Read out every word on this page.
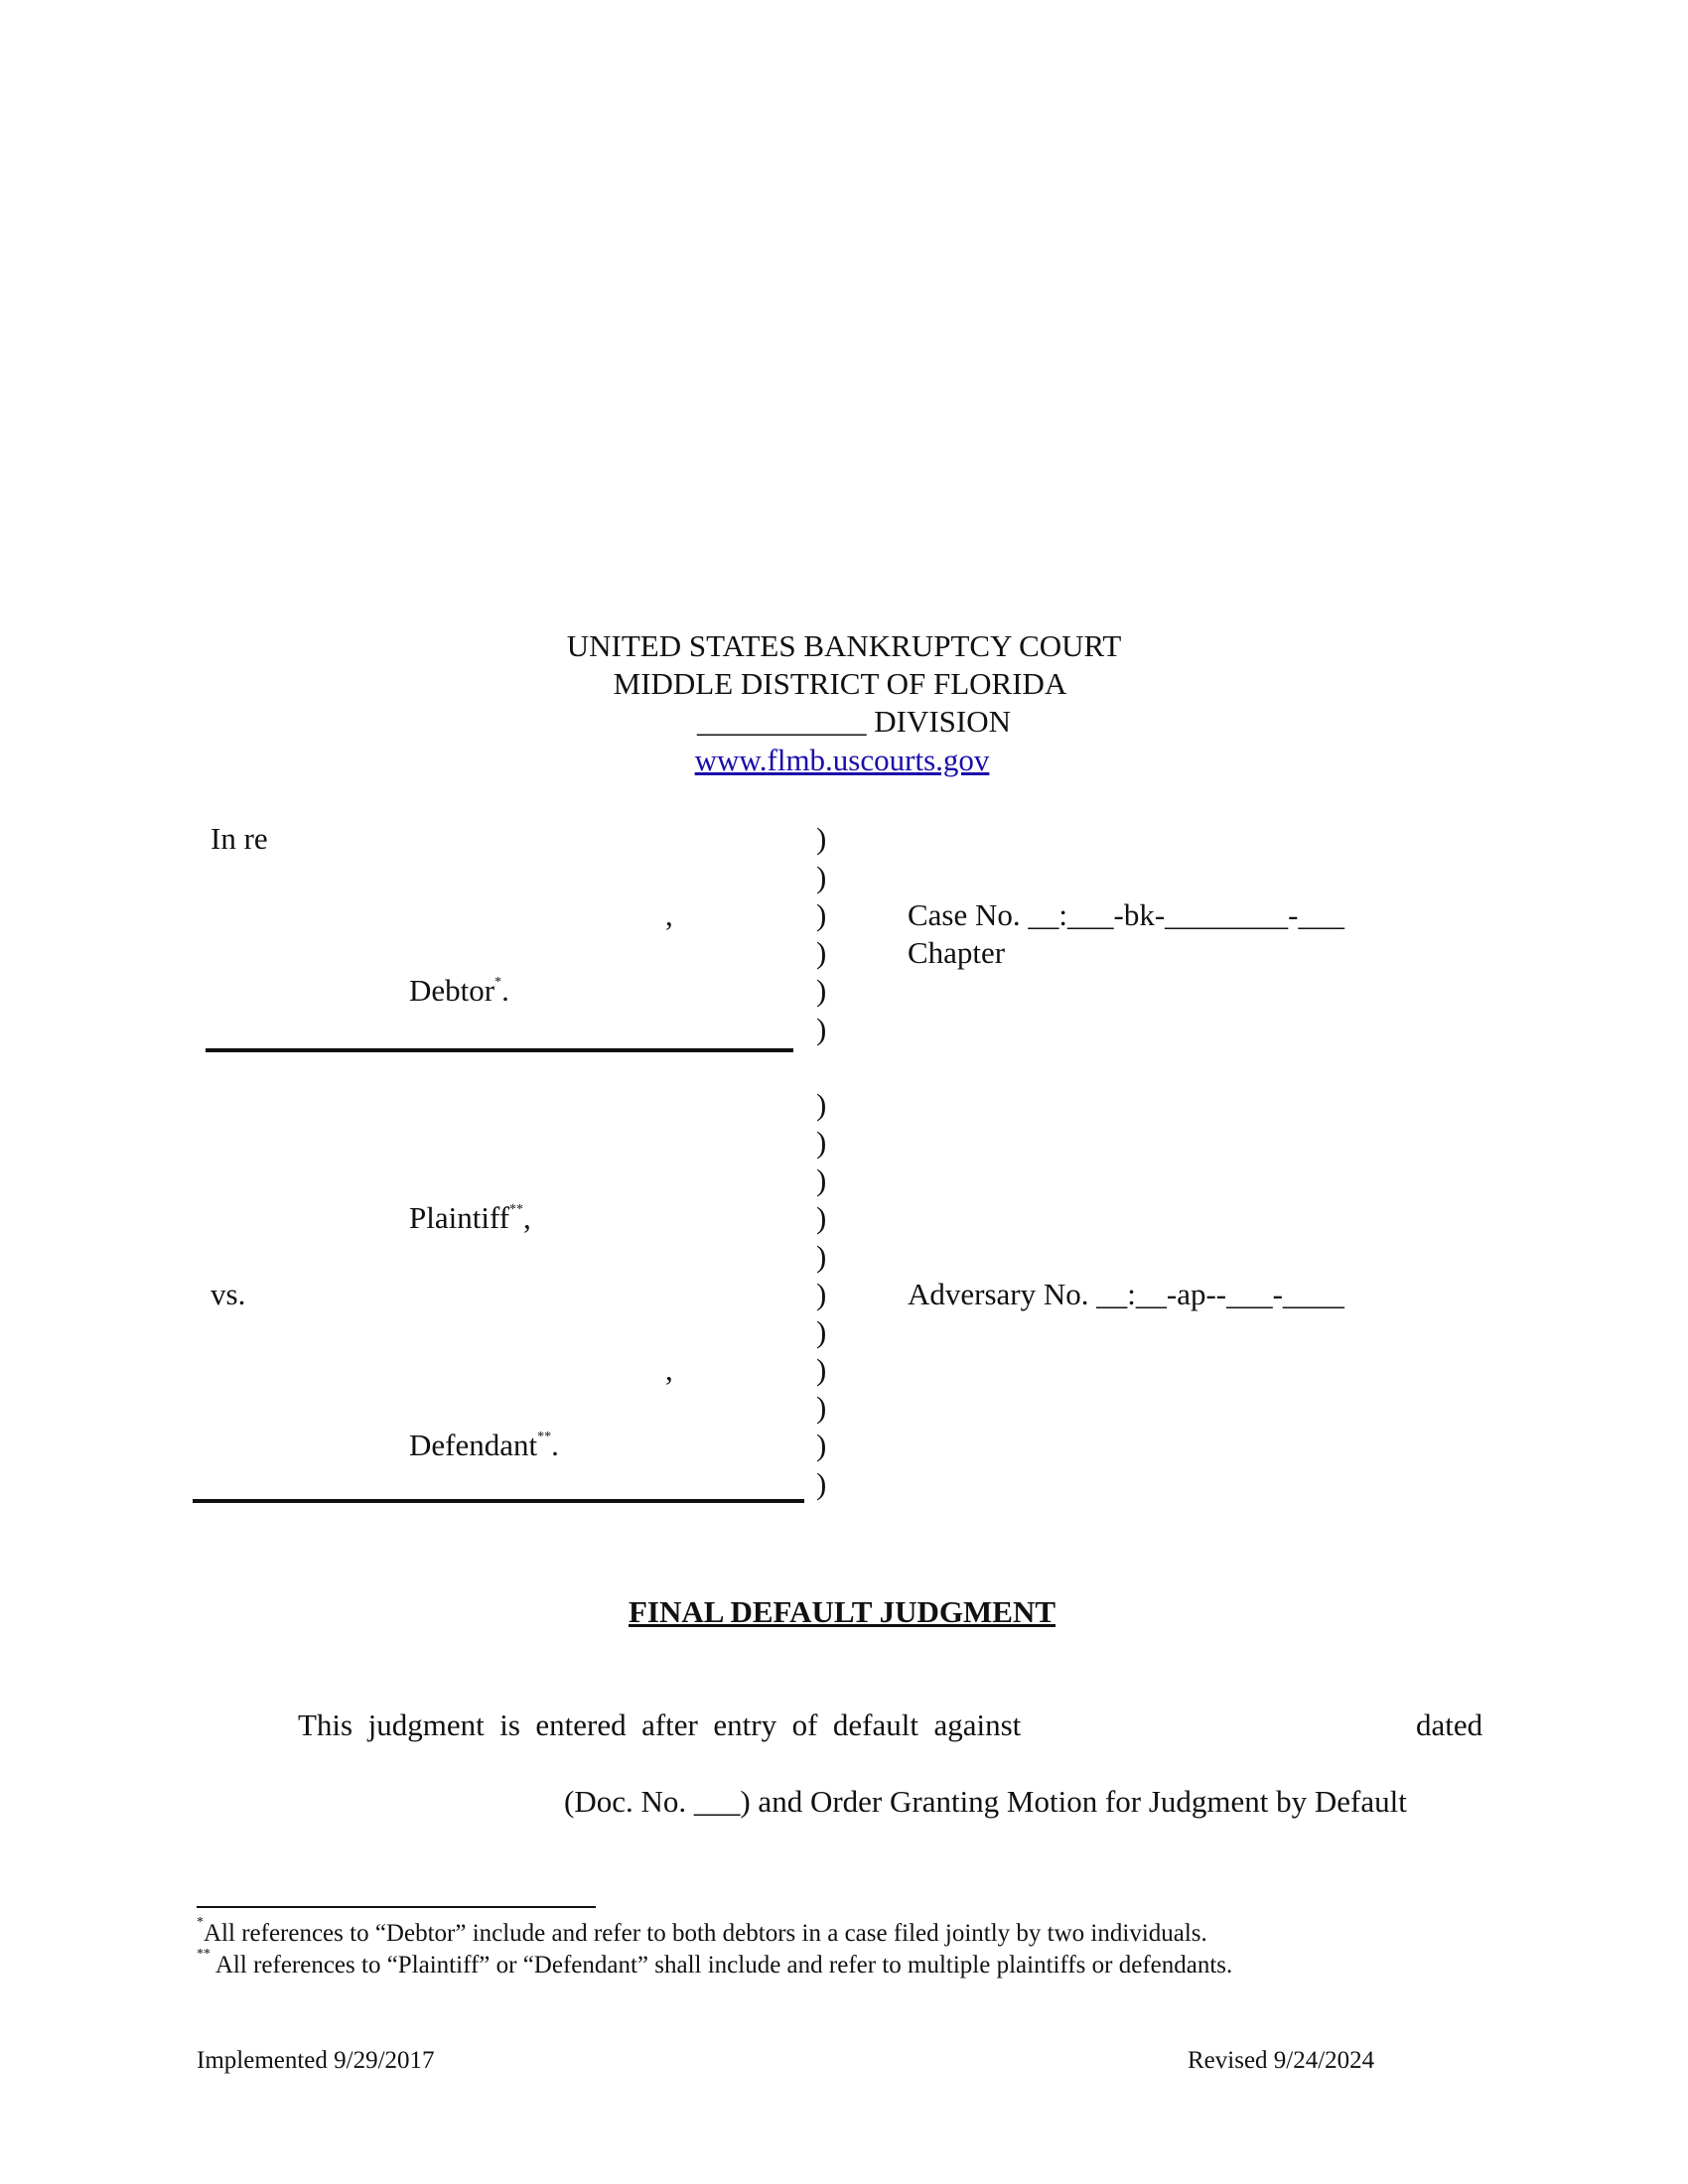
UNITED STATES BANKRUPTCY COURT
MIDDLE DISTRICT OF FLORIDA
___________ DIVISION
www.flmb.uscourts.gov
In re
,
Debtor*.
Plaintiff**,
vs.
,
Defendant**.
)
)
)
)
)
)
)
)
)
)
)
)
)
)
)
)
)
Case No. __:___-bk-________-___
Chapter
Adversary No. __:__-ap--___-____
FINAL DEFAULT JUDGMENT
This  judgment  is  entered  after  entry  of  default  against	dated
(Doc. No. ___) and Order Granting Motion for Judgment by Default
*All references to “Debtor” include and refer to both debtors in a case filed jointly by two individuals.
** All references to “Plaintiff” or “Defendant” shall include and refer to multiple plaintiffs or defendants.
Implemented 9/29/2017	Revised 9/24/2024
